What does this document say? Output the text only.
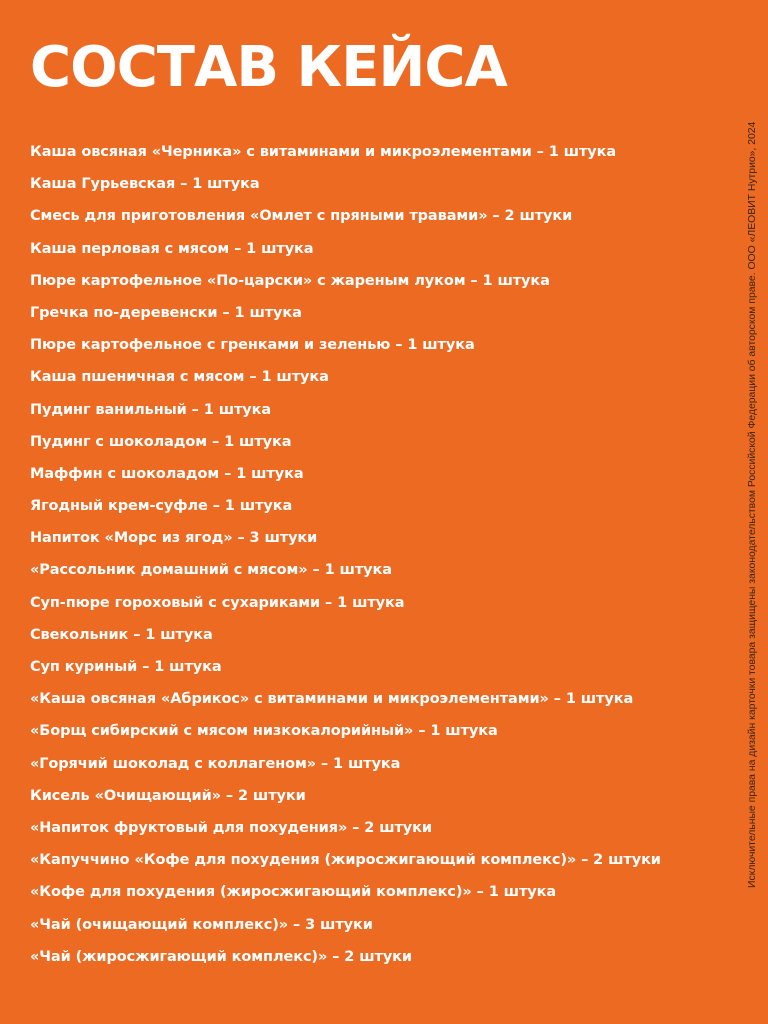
СОСТАВ КЕЙСА
Каша овсяная «Черника» с витаминами и микроэлементами – 1 штука
Каша Гурьевская – 1 штука
Смесь для приготовления «Омлет с пряными травами» – 2 штуки
Каша перловая с мясом – 1 штука
Пюре картофельное «По-царски» с жареным луком – 1 штука
Гречка по-деревенски – 1 штука
Пюре картофельное с гренками и зеленью – 1 штука
Каша пшеничная с мясом – 1 штука
Пудинг ванильный – 1 штука
Пудинг с шоколадом – 1 штука
Маффин с шоколадом – 1 штука
Ягодный крем-суфле – 1 штука
Напиток «Морс из ягод» – 3 штуки
«Рассольник домашний с мясом» – 1 штука
Суп-пюре гороховый с сухариками – 1 штука
Свекольник – 1 штука
Суп куриный – 1 штука
«Каша овсяная «Абрикос» с витаминами и микроэлементами» – 1 штука
«Борщ сибирский с мясом низкокалорийный» – 1 штука
«Горячий шоколад с коллагеном» – 1 штука
Кисель «Очищающий» – 2 штуки
«Напиток фруктовый для похудения» – 2 штуки
«Капуччино «Кофе для похудения (жиросжигающий комплекс)» – 2 штуки
«Кофе для похудения (жиросжигающий комплекс)» – 1 штука
«Чай (очищающий комплекс)» – 3 штуки
«Чай (жиросжигающий комплекс)» – 2 штуки
Исключительные права на дизайн карточки товара защищены законодательством Российской Федерации об авторском праве. ООО «ЛЕОВИТ Нутрио», 2024
